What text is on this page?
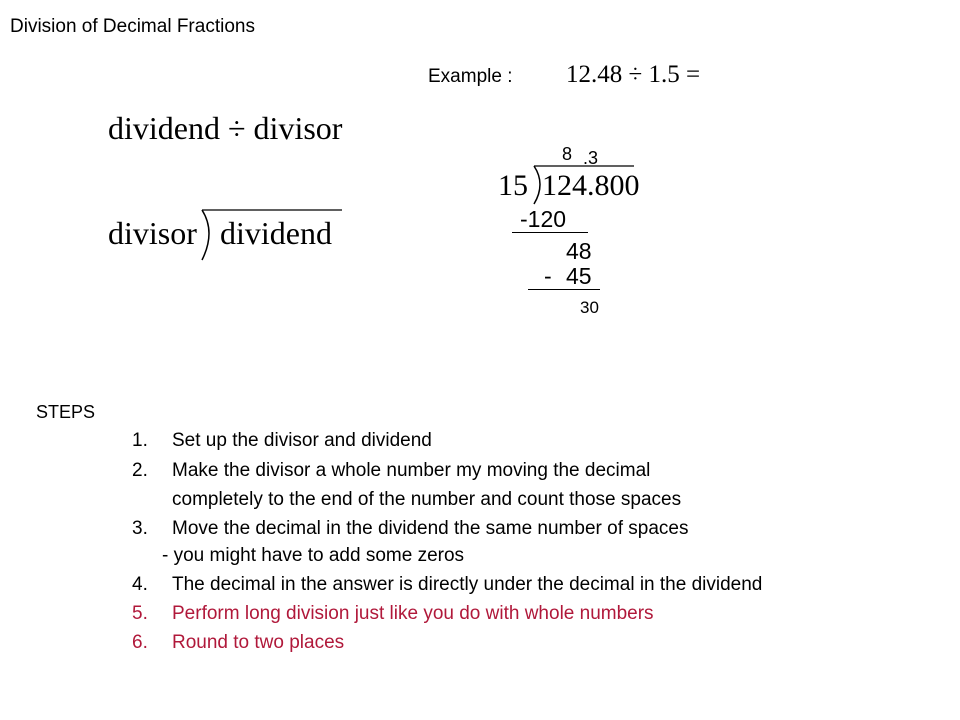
Division of Decimal Fractions
Example : 12.48 ÷ 1.5 =
dividend ÷ divisor
divisor dividend
8 .3
15 124.800
-120
48
- 45
30
STEPS
1. Set up the divisor and dividend
2. Make the divisor a whole number my moving the decimal
completely to the end of the number and count those spaces
3. Move the decimal in the dividend the same number of spaces
- you might have to add some zeros
4. The decimal in the answer is directly under the decimal in the dividend
5. Perform long division just like you do with whole numbers
6. Round to two places
